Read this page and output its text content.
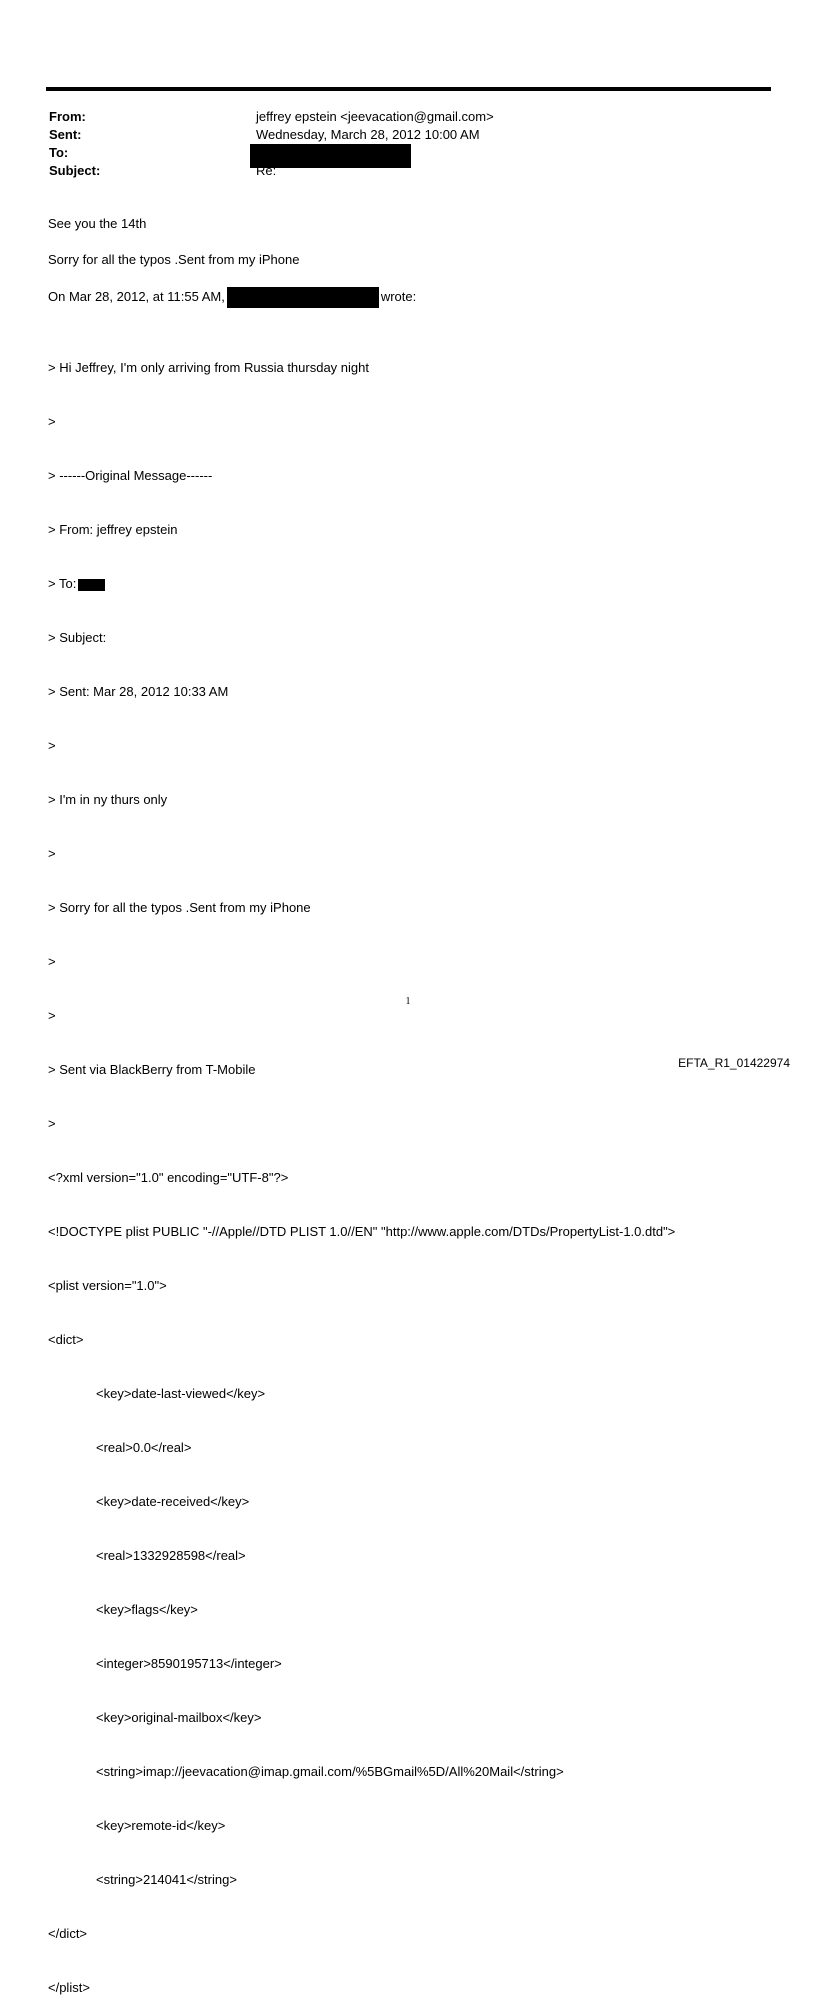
From:	jeffrey epstein <jeevacation@gmail.com>
Sent:	Wednesday, March 28, 2012 10:00 AM
To:
Subject:	Re:
See you the 14th
Sorry for all the typos .Sent from my iPhone
On Mar 28, 2012, at 11:55 AM,	wrote:

> Hi Jeffrey, I'm only arriving from Russia thursday night

>

> ------Original Message------

> From: jeffrey epstein

> To:

> Subject:

> Sent: Mar 28, 2012 10:33 AM

>

> I'm in ny thurs only

>

> Sorry for all the typos .Sent from my iPhone

>

>

> Sent via BlackBerry from T-Mobile

>

<?xml version="1.0" encoding="UTF-8"?>

<!DOCTYPE plist PUBLIC "-//Apple//DTD PLIST 1.0//EN" "http://www.apple.com/DTDs/PropertyList-1.0.dtd">

<plist version="1.0">

<dict>

<key>date-last-viewed</key>

<real>0.0</real>

<key>date-received</key>

<real>1332928598</real>

<key>flags</key>

<integer>8590195713</integer>

<key>original-mailbox</key>

<string>imap://jeevacation@imap.gmail.com/%5BGmail%5D/All%20Mail</string>

<key>remote-id</key>

<string>214041</string>

</dict>

</plist>

1
EFTA_R1_01422974
